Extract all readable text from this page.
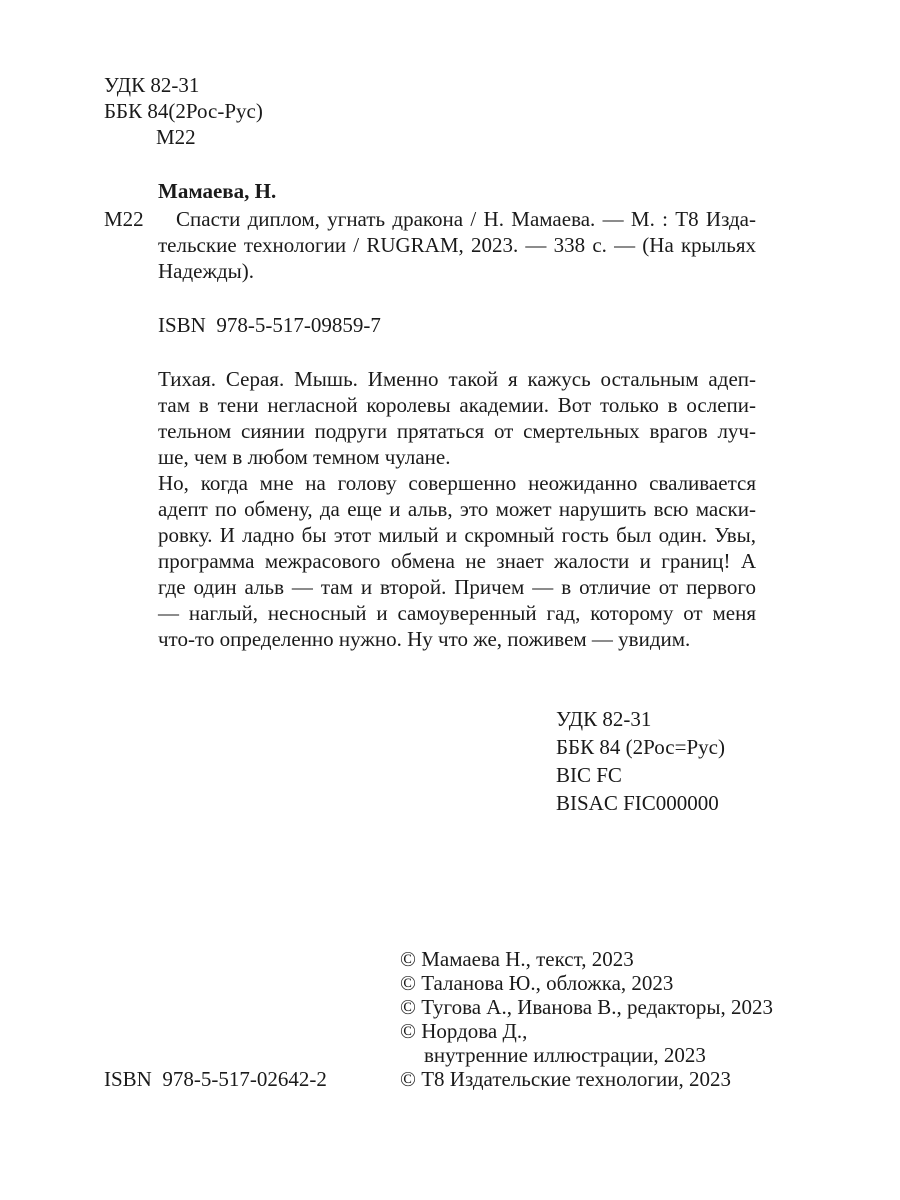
УДК 82-31
ББК 84(2Рос-Рус)
М22
Мамаева, Н.
М22 Спасти диплом, угнать дракона / Н. Мамаева. — М. : Т8 Изда-
тельские технологии / RUGRAM, 2023. — 338 с. — (На крыльях
Надежды).
ISBN  978-5-517-09859-7
Тихая. Серая. Мышь. Именно такой я кажусь остальным адеп-
там в тени негласной королевы академии. Вот только в ослепи-
тельном сиянии подруги прятаться от смертельных врагов луч-
ше, чем в любом темном чулане.
Но, когда мне на голову совершенно неожиданно сваливается
адепт по обмену, да еще и альв, это может нарушить всю маски-
ровку. И ладно бы этот милый и скромный гость был один. Увы,
программа межрасового обмена не знает жалости и границ! А
где один альв — там и второй. Причем — в отличие от первого
— наглый, несносный и самоуверенный гад, которому от меня
что-то определенно нужно. Ну что же, поживем — увидим.
УДК 82-31
ББК 84 (2Рос=Рус)
BIC FC
BISAC FIC000000
© Мамаева Н., текст, 2023
© Таланова Ю., обложка, 2023
© Тугова А., Иванова В., редакторы, 2023
© Нордова Д.,
внутренние иллюстрации, 2023
© Т8 Издательские технологии, 2023
ISBN  978-5-517-02642-2
